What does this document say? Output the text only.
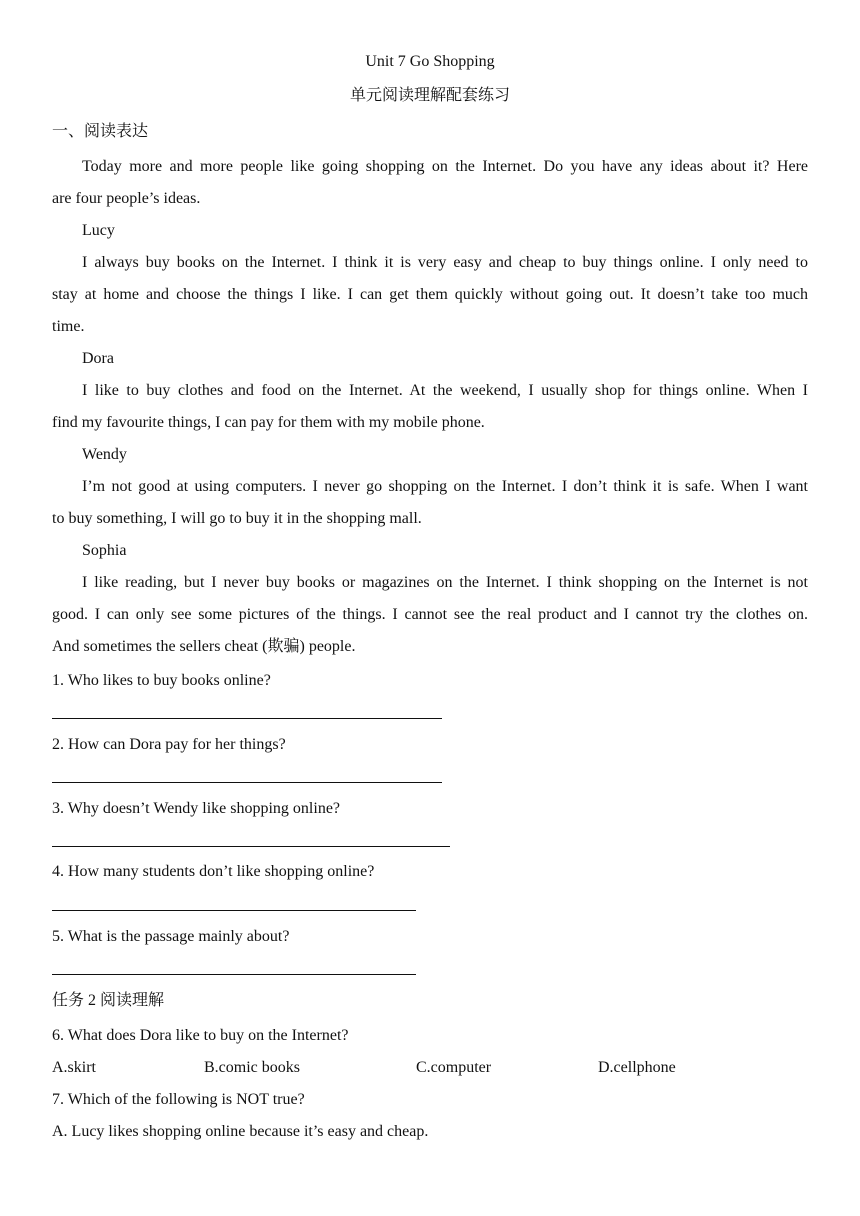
Unit 7 Go Shopping
单元阅读理解配套练习
一、阅读表达
Today more and more people like going shopping on the Internet. Do you have any ideas about it? Here
are four people’s ideas.
Lucy
I always buy books on the Internet. I think it is very easy and cheap to buy things online. I only need to
stay at home and choose the things I like. I can get them quickly without going out. It doesn’t take too much
time.
Dora
I like to buy clothes and food on the Internet. At the weekend, I usually shop for things online. When I
find my favourite things, I can pay for them with my mobile phone.
Wendy
I’m not good at using computers. I never go shopping on the Internet. I don’t think it is safe. When I want
to buy something, I will go to buy it in the shopping mall.
Sophia
I like reading, but I never buy books or magazines on the Internet. I think shopping on the Internet is not
good. I can only see some pictures of the things. I cannot see the real product and I cannot try the clothes on.
And sometimes the sellers cheat (欺骗) people.
1. Who likes to buy books online?
2. How can Dora pay for her things?
3. Why doesn’t Wendy like shopping online?
4. How many students don’t like shopping online?
5. What is the passage mainly about?
任务 2 阅读理解
6. What does Dora like to buy on the Internet?
A.skirt	B.comic books	C.computer	D.cellphone
7. Which of the following is NOT true?
A. Lucy likes shopping online because it’s easy and cheap.
